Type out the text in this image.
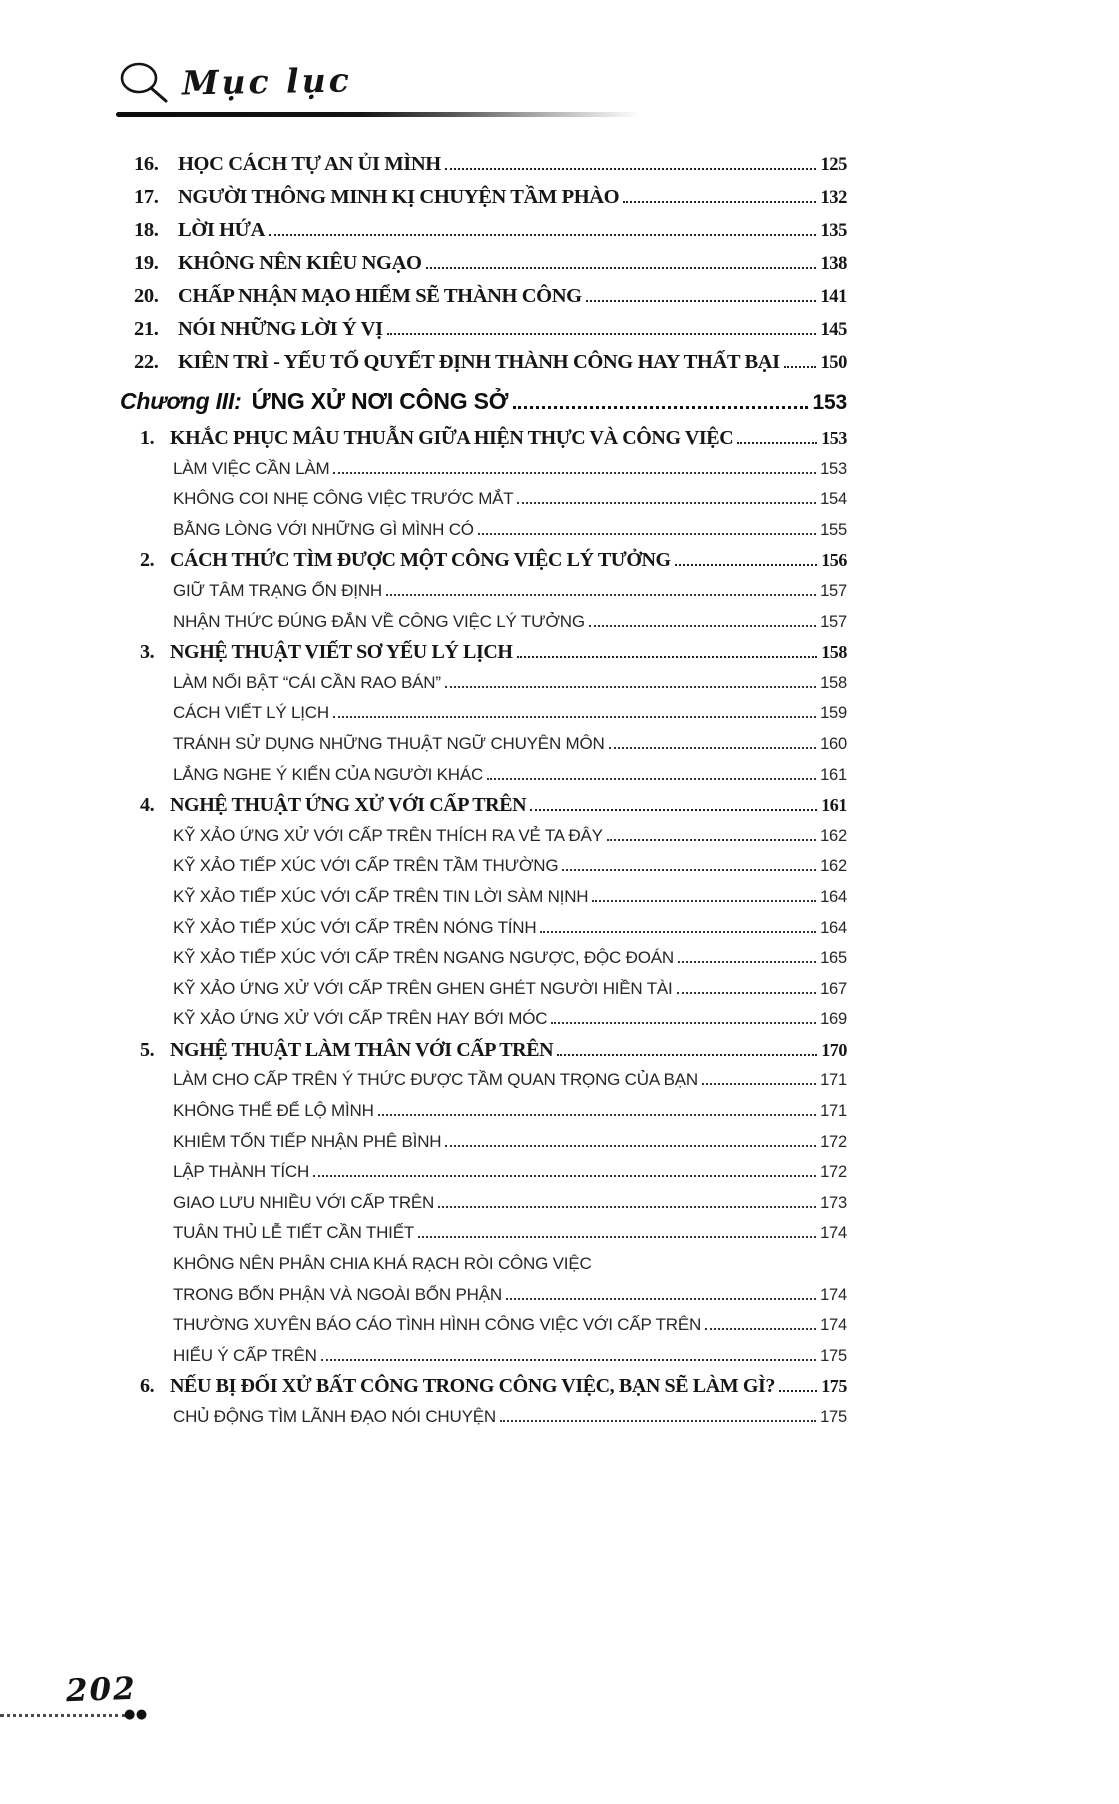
Mục lục
16. HỌC CÁCH TỰ AN ỦI MÌNH	125
17. NGƯỜI THÔNG MINH KỊ CHUYỆN TẦM PHÀO	132
18. LỜI HỨA	135
19. KHÔNG NÊN KIÊU NGẠO	138
20. CHẤP NHẬN MẠO HIỂM SẼ THÀNH CÔNG	141
21. NÓI NHỮNG LỜI Ý VỊ	145
22. KIÊN TRÌ - YẾU TỐ QUYẾT ĐỊNH THÀNH CÔNG HAY THẤT BẠI 150
Chương III: ỨNG XỬ NƠI CÔNG SỞ	153
1. KHẮC PHỤC MÂU THUẪN GIỮA HIỆN THỰC VÀ CÔNG VIỆC	153
LÀM VIỆC CẦN LÀM	153
KHÔNG COI NHẸ CÔNG VIỆC TRƯỚC MẮT	154
BẰNG LÒNG VỚI NHỮNG GÌ MÌNH CÓ	155
2. CÁCH THỨC TÌM ĐƯỢC MỘT CÔNG VIỆC LÝ TƯỞNG	156
GIỮ TÂM TRẠNG ỔN ĐỊNH	157
NHẬN THỨC ĐÚNG ĐẮN VỀ CÔNG VIỆC LÝ TƯỞNG	157
3. NGHỆ THUẬT VIẾT SƠ YẾU LÝ LỊCH	158
LÀM NỔI BẬT “CÁI CẦN RAO BÁN”	158
CÁCH VIẾT LÝ LỊCH	159
TRÁNH SỬ DỤNG NHỮNG THUẬT NGỮ CHUYÊN MÔN	160
LẮNG NGHE Ý KIẾN CỦA NGƯỜI KHÁC	161
4. NGHỆ THUẬT ỨNG XỬ VỚI CẤP TRÊN	161
KỸ XẢO ỨNG XỬ VỚI CẤP TRÊN THÍCH RA VẺ TA ĐÂY	162
KỸ XẢO TIẾP XÚC VỚI CẤP TRÊN TẦM THƯỜNG	162
KỸ XẢO TIẾP XÚC VỚI CẤP TRÊN TIN LỜI SÀM NỊNH	164
KỸ XẢO TIẾP XÚC VỚI CẤP TRÊN NÓNG TÍNH	164
KỸ XẢO TIẾP XÚC VỚI CẤP TRÊN NGANG NGƯỢC, ĐỘC ĐOÁN	165
KỸ XẢO ỨNG XỬ VỚI CẤP TRÊN GHEN GHÉT NGƯỜI HIỀN TÀI	167
KỸ XẢO ỨNG XỬ VỚI CẤP TRÊN HAY BỚI MÓC	169
5. NGHỆ THUẬT LÀM THÂN VỚI CẤP TRÊN	170
LÀM CHO CẤP TRÊN Ý THỨC ĐƯỢC TẦM QUAN TRỌNG CỦA BẠN	171
KHÔNG THỂ ĐỂ LỘ MÌNH	171
KHIÊM TỐN TIẾP NHẬN PHÊ BÌNH	172
LẬP THÀNH TÍCH	172
GIAO LƯU NHIỀU VỚI CẤP TRÊN	173
TUÂN THỦ LỄ TIẾT CẦN THIẾT	174
KHÔNG NÊN PHÂN CHIA KHÁ RẠCH RÒI CÔNG VIỆC
TRONG BỔN PHẬN VÀ NGOÀI BỔN PHẬN	174
THƯỜNG XUYÊN BÁO CÁO TÌNH HÌNH CÔNG VIỆC VỚI CẤP TRÊN	174
HIỂU Ý CẤP TRÊN	175
6. NẾU BỊ ĐỐI XỬ BẤT CÔNG TRONG CÔNG VIỆC, BẠN SẼ LÀM GÌ?	175
CHỦ ĐỘNG TÌM LÃNH ĐẠO NÓI CHUYỆN	175
202
●●
